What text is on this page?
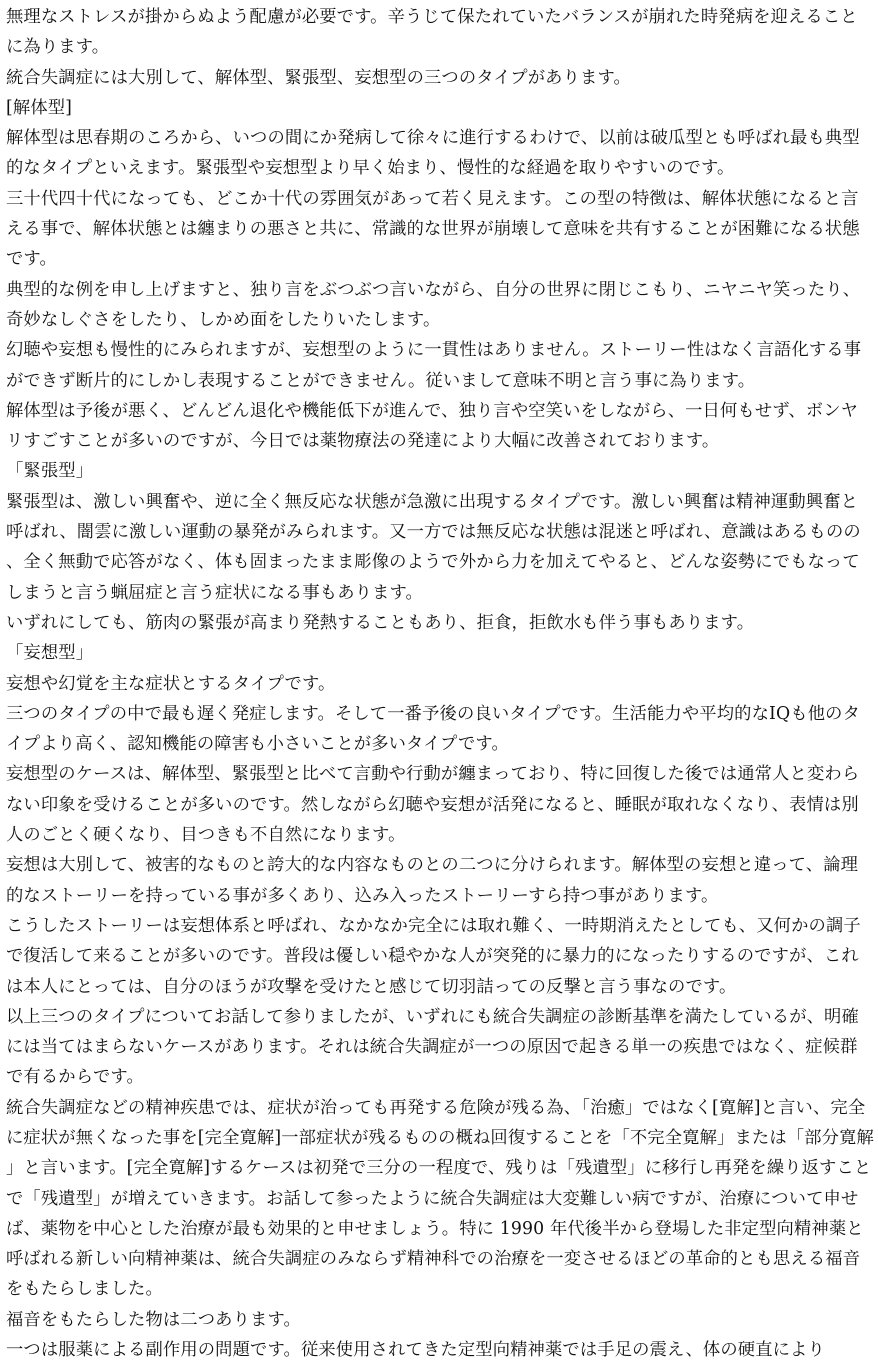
無理なストレスが掛からぬよう配慮が必要です。辛うじて保たれていたバランスが崩れた時発病を迎えることに為ります。

統合失調症には大別して、解体型、緊張型、妄想型の三つのタイプがあります。

[解体型]

解体型は思春期のころから、いつの間にか発病して徐々に進行するわけで、以前は破瓜型とも呼ばれ最も典型的なタイプといえます。緊張型や妄想型より早く始まり、慢性的な経過を取りやすいのです。

三十代四十代になっても、どこか十代の雰囲気があって若く見えます。この型の特徴は、解体状態になると言える事で、解体状態とは纏まりの悪さと共に、常識的な世界が崩壊して意味を共有することが困難になる状態です。

典型的な例を申し上げますと、独り言をぶつぶつ言いながら、自分の世界に閉じこもり、ニヤニヤ笑ったり、奇妙なしぐさをしたり、しかめ面をしたりいたします。

幻聴や妄想も慢性的にみられますが、妄想型のように一貫性はありません。ストーリー性はなく言語化する事ができず断片的にしかし表現することができません。従いまして意味不明と言う事に為ります。

解体型は予後が悪く、どんどん退化や機能低下が進んで、独り言や空笑いをしながら、一日何もせず、ボンヤリすごすことが多いのですが、今日では薬物療法の発達により大幅に改善されております。

「緊張型」

緊張型は、激しい興奮や、逆に全く無反応な状態が急激に出現するタイプです。激しい興奮は精神運動興奮と呼ばれ、闇雲に激しい運動の暴発がみられます。又一方では無反応な状態は混迷と呼ばれ、意識はあるものの、全く無動で応答がなく、体も固まったまま彫像のようで外から力を加えてやると、どんな姿勢にでもなってしまうと言う蝋屈症と言う症状になる事もあります。

いずれにしても、筋肉の緊張が高まり発熱することもあり、拒食，拒飲水も伴う事もあります。

「妄想型」

妄想や幻覚を主な症状とするタイプです。

三つのタイプの中で最も遅く発症します。そして一番予後の良いタイプです。生活能力や平均的なIQも他のタイプより高く、認知機能の障害も小さいことが多いタイプです。

妄想型のケースは、解体型、緊張型と比べて言動や行動が纏まっており、特に回復した後では通常人と変わらない印象を受けることが多いのです。然しながら幻聴や妄想が活発になると、睡眠が取れなくなり、表情は別人のごとく硬くなり、目つきも不自然になります。

妄想は大別して、被害的なものと誇大的な内容なものとの二つに分けられます。解体型の妄想と違って、論理的なストーリーを持っている事が多くあり、込み入ったストーリーすら持つ事があります。

こうしたストーリーは妄想体系と呼ばれ、なかなか完全には取れ難く、一時期消えたとしても、又何かの調子で復活して来ることが多いのです。普段は優しい穏やかな人が突発的に暴力的になったりするのですが、これは本人にとっては、自分のほうが攻撃を受けたと感じて切羽詰っての反撃と言う事なのです。

以上三つのタイプについてお話して参りましたが、いずれにも統合失調症の診断基準を満たしているが、明確には当てはまらないケースがあります。それは統合失調症が一つの原因で起きる単一の疾患ではなく、症候群で有るからです。

統合失調症などの精神疾患では、症状が治っても再発する危険が残る為、「治癒」ではなく[寛解]と言い、完全に症状が無くなった事を[完全寛解]一部症状が残るものの概ね回復することを「不完全寛解」または「部分寛解」と言います。[完全寛解]するケースは初発で三分の一程度で、残りは「残遺型」に移行し再発を繰り返すことで「残遺型」が増えていきます。お話して参ったように統合失調症は大変難しい病ですが、治療について申せば、薬物を中心とした治療が最も効果的と申せましょう。特に 1990 年代後半から登場した非定型向精神薬と呼ばれる新しい向精神薬は、統合失調症のみならず精神科での治療を一変させるほどの革命的とも思える福音をもたらしました。

福音をもたらした物は二つあります。

一つは服薬による副作用の問題です。従来使用されてきた定型向精神薬では手足の震え、体の硬直により
